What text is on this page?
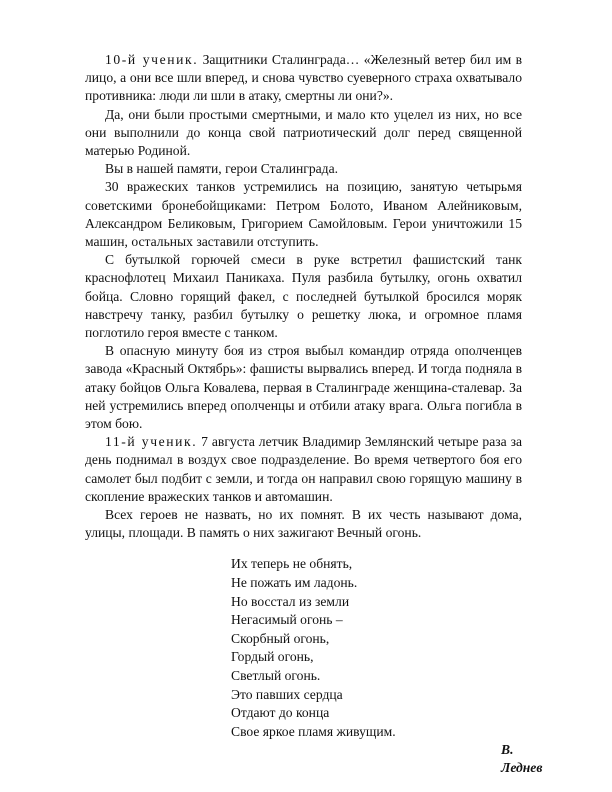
10-й ученик. Защитники Сталинграда… «Железный ветер бил им в лицо, а они все шли вперед, и снова чувство суеверного страха охватывало противника: люди ли шли в атаку, смертны ли они?».

Да, они были простыми смертными, и мало кто уцелел из них, но все они выполнили до конца свой патриотический долг перед священной матерью Родиной.

Вы в нашей памяти, герои Сталинграда.

30 вражеских танков устремились на позицию, занятую четырьмя советскими бронебойщиками: Петром Болото, Иваном Алейниковым, Александром Беликовым, Григорием Самойловым. Герои уничтожили 15 машин, остальных заставили отступить.

С бутылкой горючей смеси в руке встретил фашистский танк краснофлотец Михаил Паникаха. Пуля разбила бутылку, огонь охватил бойца. Словно горящий факел, с последней бутылкой бросился моряк навстречу танку, разбил бутылку о решетку люка, и огромное пламя поглотило героя вместе с танком.

В опасную минуту боя из строя выбыл командир отряда ополченцев завода «Красный Октябрь»: фашисты вырвались вперед. И тогда подняла в атаку бойцов Ольга Ковалева, первая в Сталинграде женщина-сталевар. За ней устремились вперед ополченцы и отбили атаку врага. Ольга погибла в этом бою.

11-й ученик. 7 августа летчик Владимир Землянский четыре раза за день поднимал в воздух свое подразделение. Во время четвертого боя его самолет был подбит с земли, и тогда он направил свою горящую машину в скопление вражеских танков и автомашин.

Всех героев не назвать, но их помнят. В их честь называют дома, улицы, площади. В память о них зажигают Вечный огонь.

Их теперь не обнять,
Не пожать им ладонь.
Но восстал из земли
Негасимый огонь –
Скорбный огонь,
Гордый огонь,
Светлый огонь.
Это павших сердца
Отдают до конца
Свое яркое пламя живущим.
В. Леднев
